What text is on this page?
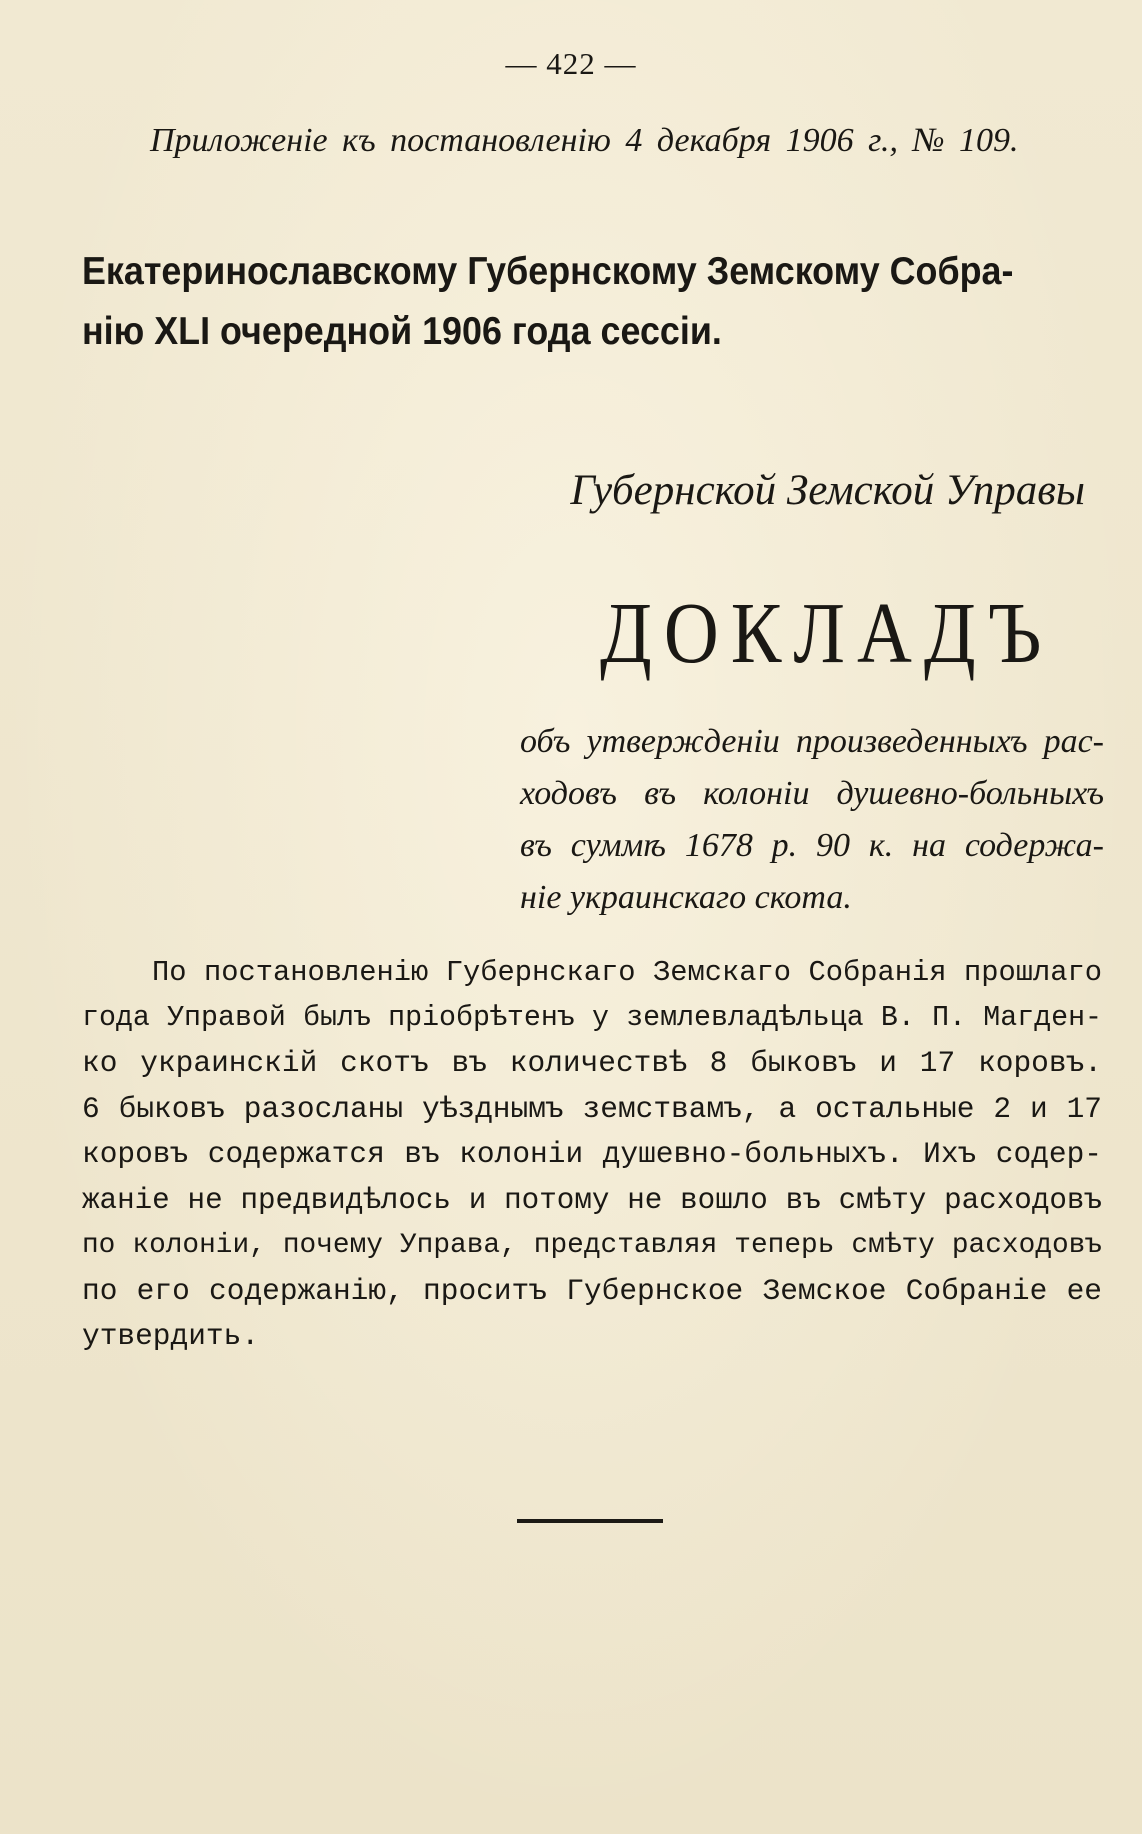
— 422 —
Приложеніе къ постановленію 4 декабря 1906 г., № 109.
Екатеринославскому Губернскому Земскому Собра-
нію XLI очередной 1906 года сессіи.
Губернской Земской Управы
ДОКЛАДЪ
объ утвержденіи произведенныхъ рас-
ходовъ въ колоніи душевно-больныхъ
въ суммѣ 1678 р. 90 к. на содержа-
ніе украинскаго скота.
По постановленію Губернскаго Земскаго Собранія прошлаго
года Управой былъ пріобрѣтенъ у землевладѣльца В. П. Магден-
ко украинскій скотъ въ количествѣ 8 быковъ и 17 коровъ.
6 быковъ разосланы уѣзднымъ земствамъ, а остальные 2 и 17
коровъ содержатся въ колоніи душевно-больныхъ. Ихъ содер-
жаніе не предвидѣлось и потому не вошло въ смѣту расходовъ
по колоніи, почему Управа, представляя теперь смѣту расходовъ
по его содержанію, проситъ Губернское Земское Собраніе ее
утвердить.
